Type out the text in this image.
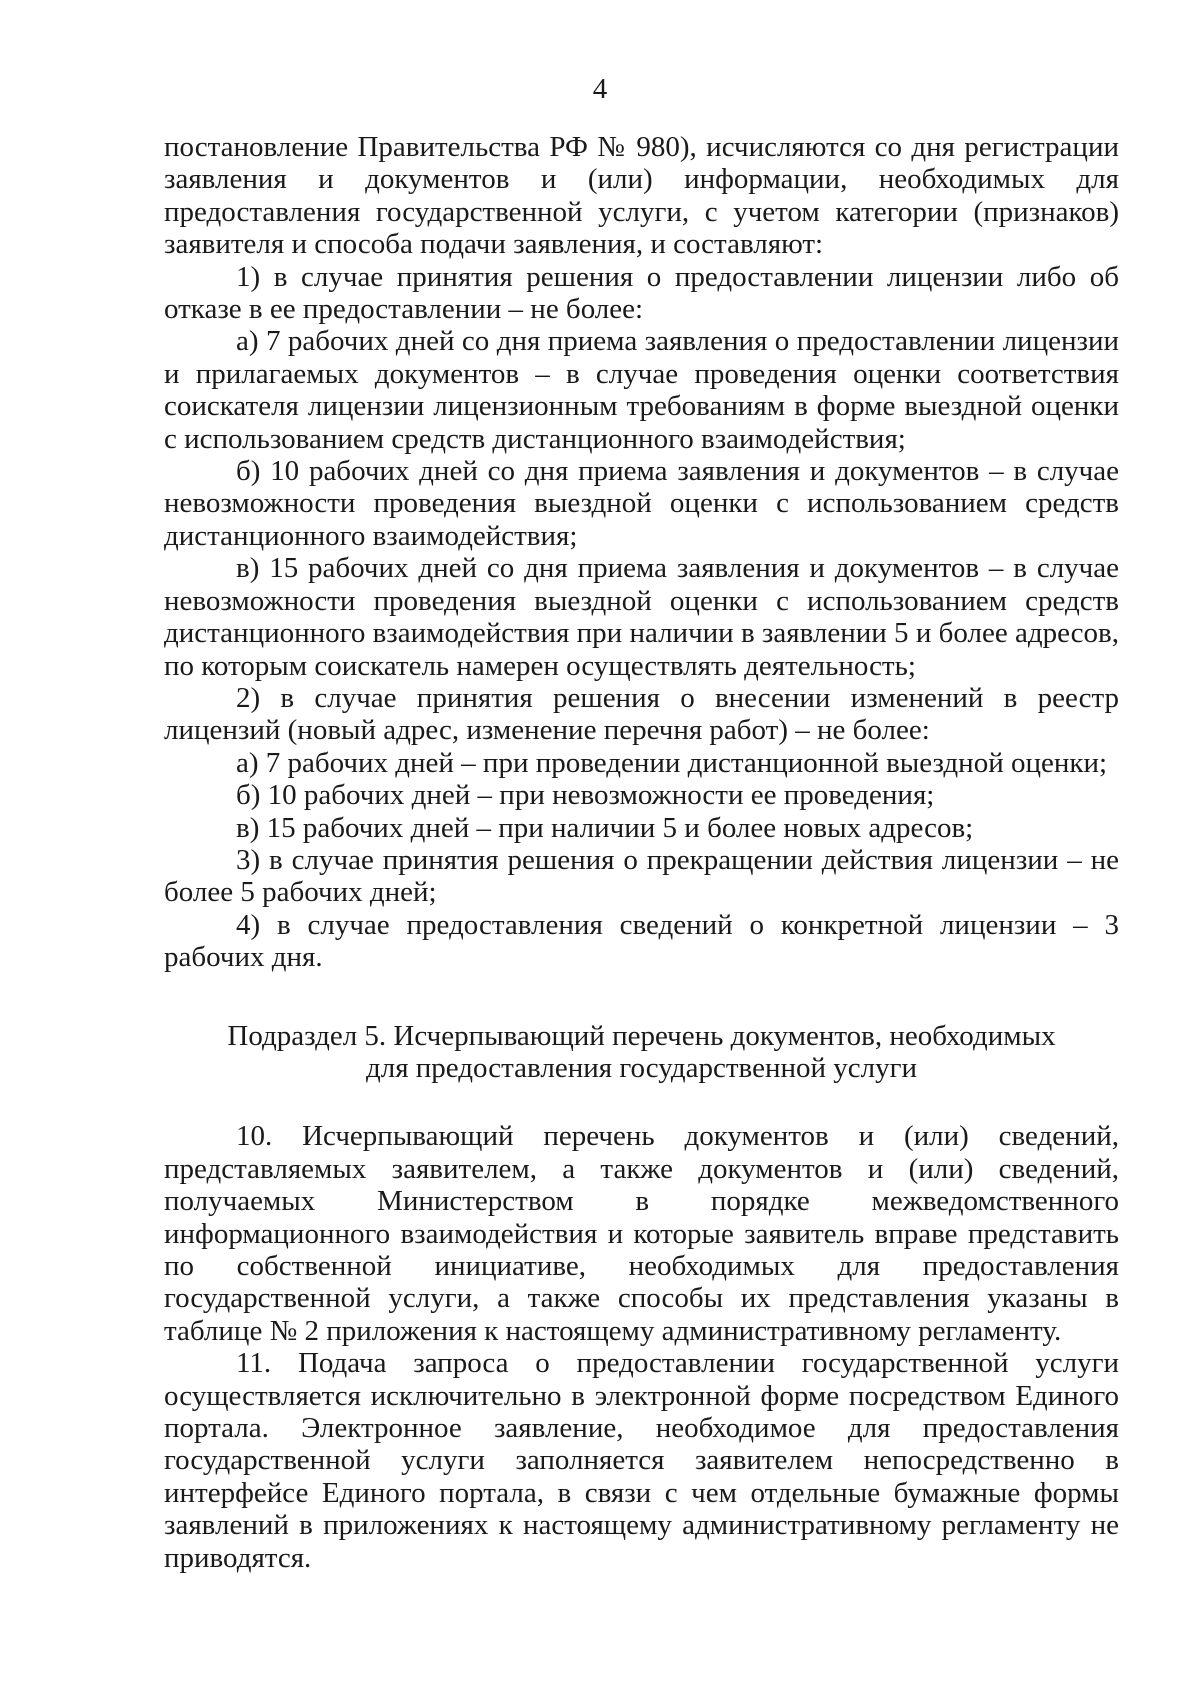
4

постановление Правительства РФ № 980), исчисляются со дня регистрации заявления и документов и (или) информации, необходимых для предоставления государственной услуги, с учетом категории (признаков) заявителя и способа подачи заявления, и составляют:

1) в случае принятия решения о предоставлении лицензии либо об отказе в ее предоставлении – не более:

а) 7 рабочих дней со дня приема заявления о предоставлении лицензии и прилагаемых документов – в случае проведения оценки соответствия соискателя лицензии лицензионным требованиям в форме выездной оценки с использованием средств дистанционного взаимодействия;

б) 10 рабочих дней со дня приема заявления и документов – в случае невозможности проведения выездной оценки с использованием средств дистанционного взаимодействия;

в) 15 рабочих дней со дня приема заявления и документов – в случае невозможности проведения выездной оценки с использованием средств дистанционного взаимодействия при наличии в заявлении 5 и более адресов, по которым соискатель намерен осуществлять деятельность;

2) в случае принятия решения о внесении изменений в реестр лицензий (новый адрес, изменение перечня работ) – не более:

а) 7 рабочих дней – при проведении дистанционной выездной оценки;

б) 10 рабочих дней – при невозможности ее проведения;

в) 15 рабочих дней – при наличии 5 и более новых адресов;

3) в случае принятия решения о прекращении действия лицензии – не более 5 рабочих дней;

4) в случае предоставления сведений о конкретной лицензии – 3 рабочих дня.

Подраздел 5. Исчерпывающий перечень документов, необходимых
для предоставления государственной услуги

10. Исчерпывающий перечень документов и (или) сведений, представляемых заявителем, а также документов и (или) сведений, получаемых Министерством в порядке межведомственного информационного взаимодействия и которые заявитель вправе представить по собственной инициативе, необходимых для предоставления государственной услуги, а также способы их представления указаны в таблице № 2 приложения к настоящему административному регламенту.

11. Подача запроса о предоставлении государственной услуги осуществляется исключительно в электронной форме посредством Единого портала. Электронное заявление, необходимое для предоставления государственной услуги заполняется заявителем непосредственно в интерфейсе Единого портала, в связи с чем отдельные бумажные формы заявлений в приложениях к настоящему административному регламенту не приводятся.
